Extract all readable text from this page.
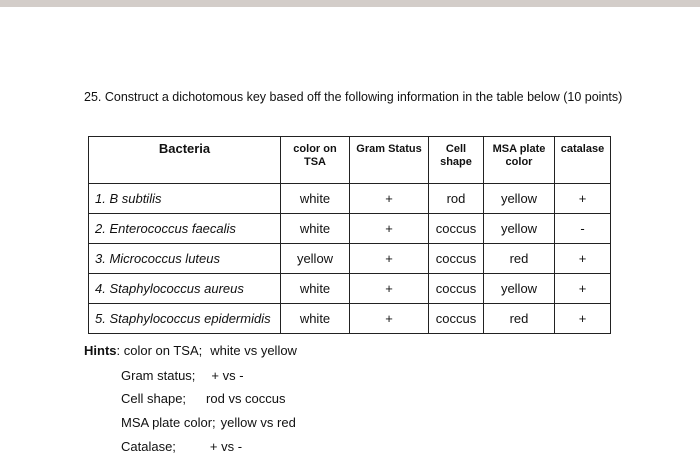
25. Construct a dichotomous key based off the following information in the table below (10 points)
Bacteria	color on TSA	Gram Status	Cell shape	MSA plate color	catalase
1. B subtilis	white	+	rod	yellow	+
2. Enterococcus faecalis	white	+	coccus	yellow	-
3. Micrococcus luteus	yellow	+	coccus	red	+
4. Staphylococcus aureus	white	+	coccus	yellow	+
5. Staphylococcus epidermidis	white	+	coccus	red	+
Hints: color on TSA; white vs yellow
Gram status; + vs -
Cell shape; rod vs coccus
MSA plate color; yellow vs red
Catalase;	+ vs -
